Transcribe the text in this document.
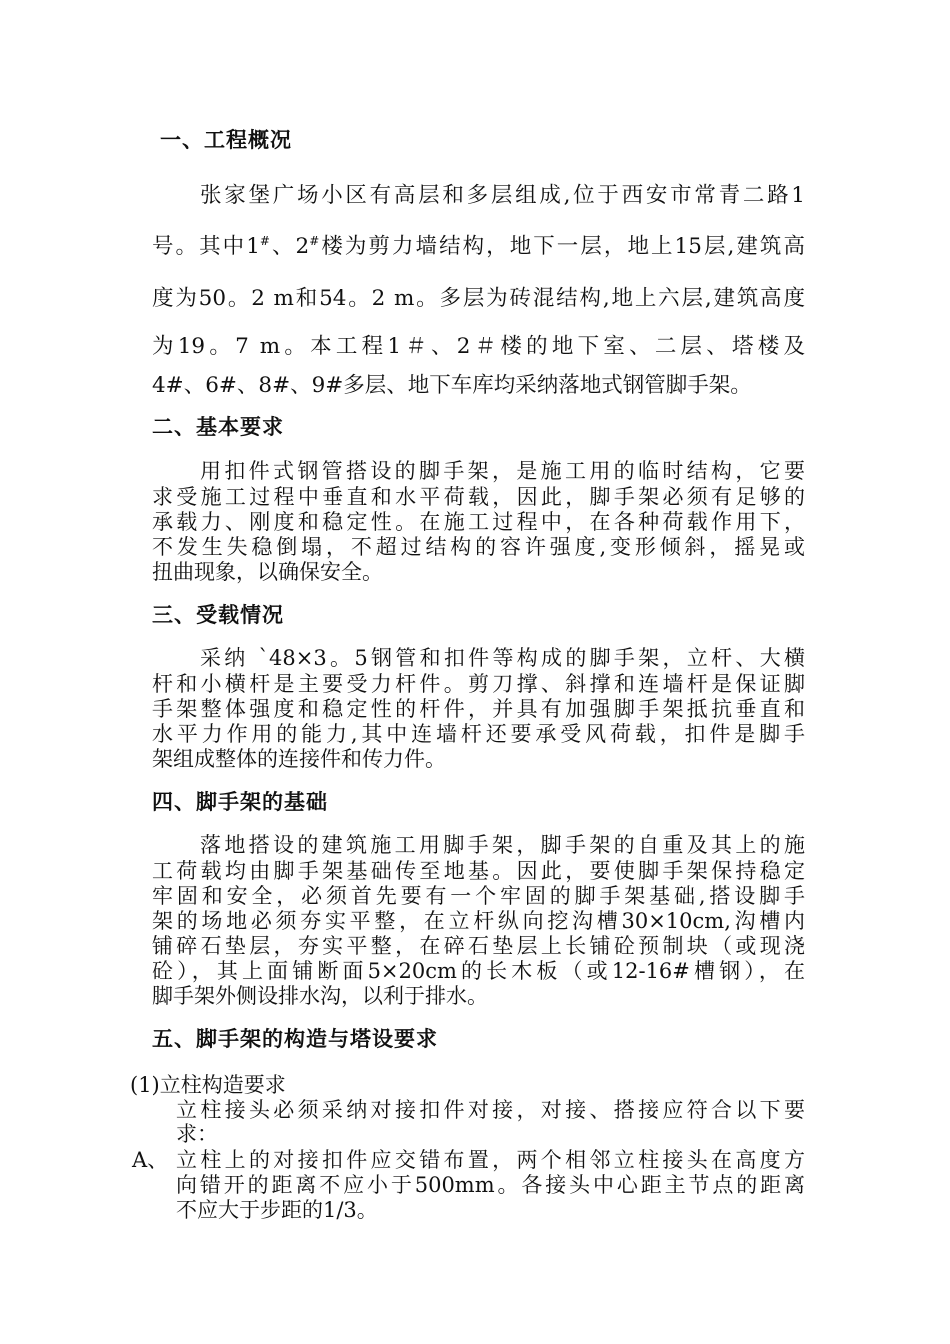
一、工程概况

张家堡广场小区有高层和多层组成,位于西安市常青二路1

号。其中1#、2#楼为剪力墙结构，地下一层，地上15层,建筑高

度为50。2 m和54。2 m。多层为砖混结构,地上六层,建筑高度

为19。7 m。本工程1＃、2＃楼的地下室、二层、塔楼及

4#、6#、8#、9#多层、地下车库均采纳落地式钢管脚手架。

二、基本要求

用扣件式钢管搭设的脚手架，是施工用的临时结构，它要

求受施工过程中垂直和水平荷载，因此，脚手架必须有足够的

承载力、刚度和稳定性。在施工过程中，在各种荷载作用下，

不发生失稳倒塌，不超过结构的容许强度,变形倾斜，摇晃或

扭曲现象，以确保安全。

三、受载情况

采纳 `48×3。5钢管和扣件等构成的脚手架，立杆、大横

杆和小横杆是主要受力杆件。剪刀撑、斜撑和连墙杆是保证脚

手架整体强度和稳定性的杆件，并具有加强脚手架抵抗垂直和

水平力作用的能力,其中连墙杆还要承受风荷载，扣件是脚手

架组成整体的连接件和传力件。

四、脚手架的基础

落地搭设的建筑施工用脚手架，脚手架的自重及其上的施

工荷载均由脚手架基础传至地基。因此，要使脚手架保持稳定

牢固和安全，必须首先要有一个牢固的脚手架基础,搭设脚手

架的场地必须夯实平整，在立杆纵向挖沟槽30×10cm,沟槽内

铺碎石垫层，夯实平整，在碎石垫层上长铺砼预制块（或现浇

砼），其上面铺断面5×20cm的长木板（或12-16#槽钢），在

脚手架外侧设排水沟，以利于排水。

五、脚手架的构造与塔设要求

(1)立柱构造要求

立柱接头必须采纳对接扣件对接，对接、搭接应符合以下要

求：

A、 立柱上的对接扣件应交错布置，两个相邻立柱接头在高度方

向错开的距离不应小于500mm。各接头中心距主节点的距离

不应大于步距的1/3。
